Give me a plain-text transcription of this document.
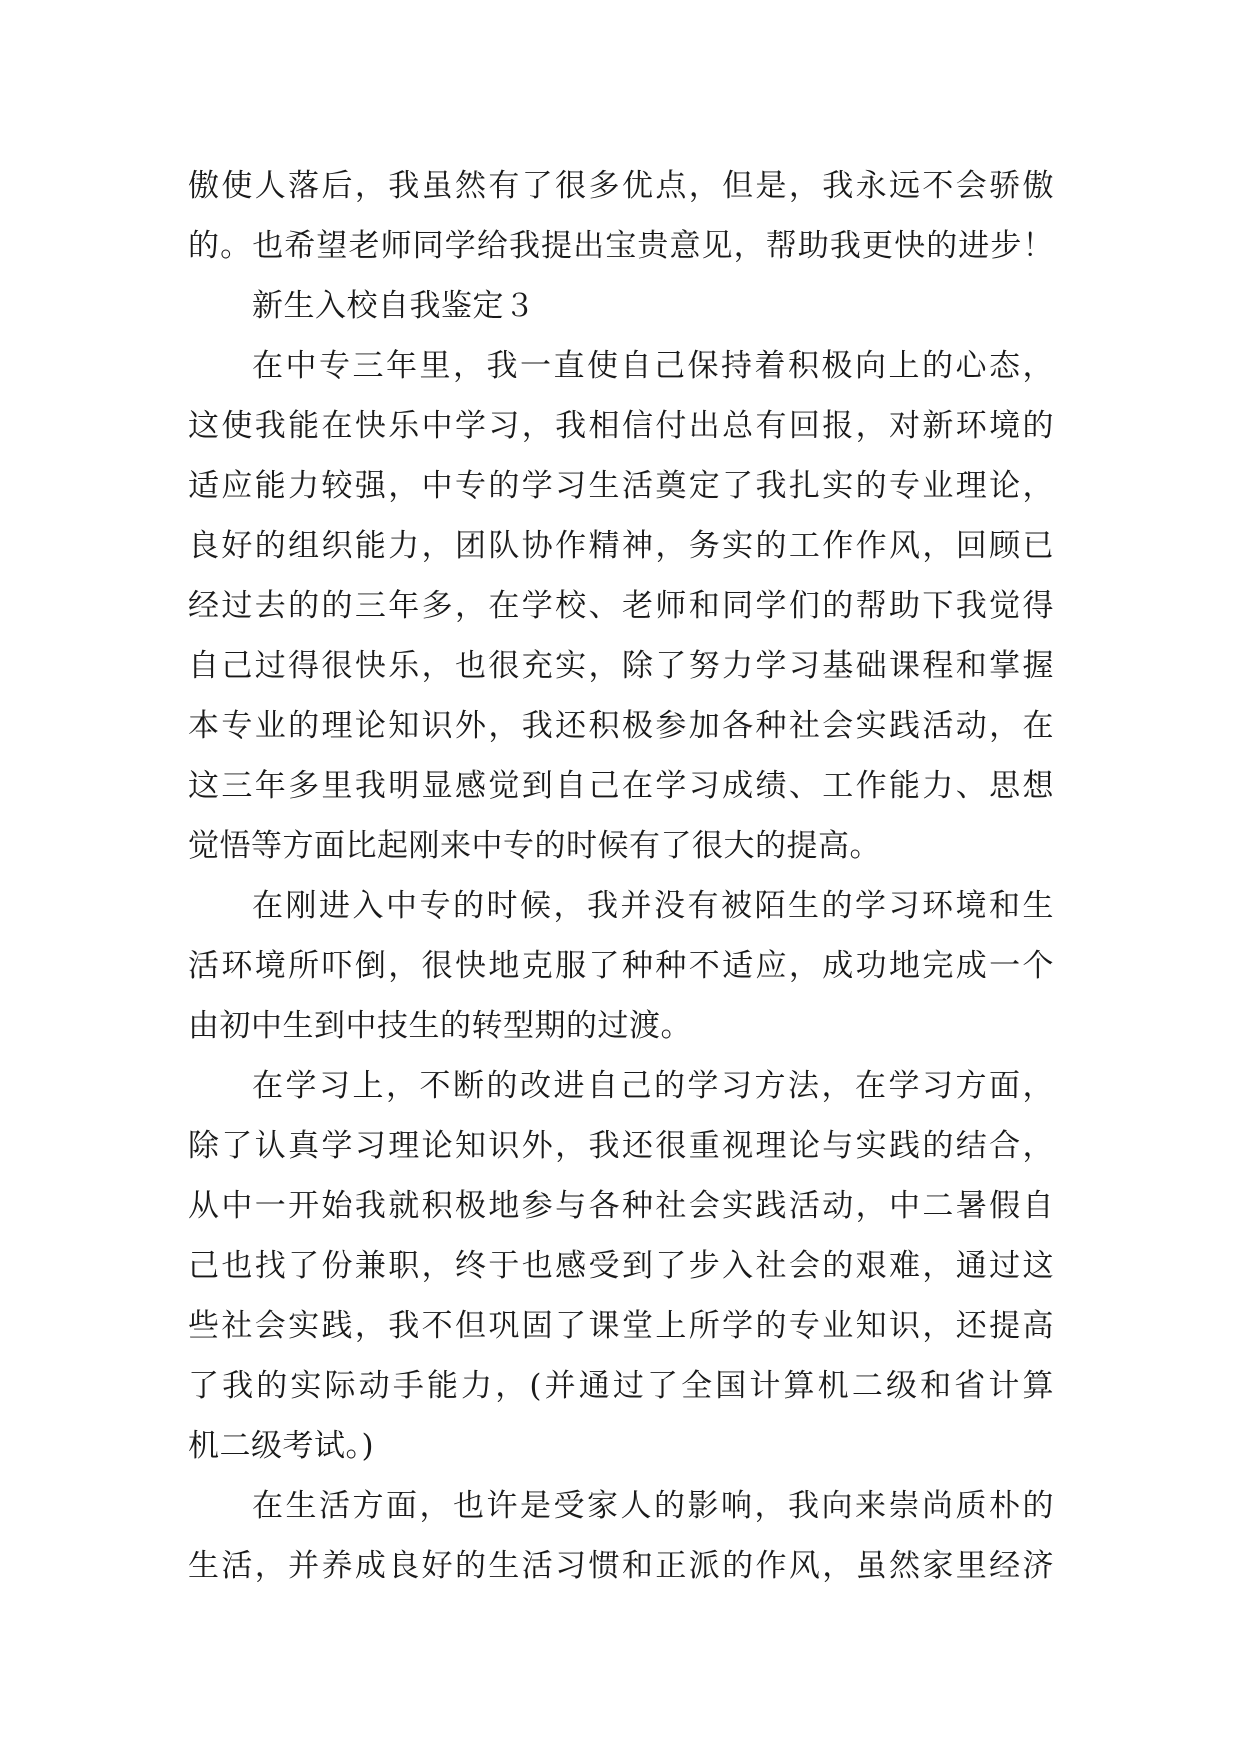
傲使人落后，我虽然有了很多优点，但是，我永远不会骄傲
的。也希望老师同学给我提出宝贵意见，帮助我更快的进步！
新生入校自我鉴定３
在中专三年里，我一直使自己保持着积极向上的心态，
这使我能在快乐中学习，我相信付出总有回报，对新环境的
适应能力较强，中专的学习生活奠定了我扎实的专业理论，
良好的组织能力，团队协作精神，务实的工作作风，回顾已
经过去的的三年多，在学校、老师和同学们的帮助下我觉得
自己过得很快乐，也很充实，除了努力学习基础课程和掌握
本专业的理论知识外，我还积极参加各种社会实践活动，在
这三年多里我明显感觉到自己在学习成绩、工作能力、思想
觉悟等方面比起刚来中专的时候有了很大的提高。
在刚进入中专的时候，我并没有被陌生的学习环境和生
活环境所吓倒，很快地克服了种种不适应，成功地完成一个
由初中生到中技生的转型期的过渡。
在学习上，不断的改进自己的学习方法，在学习方面，
除了认真学习理论知识外，我还很重视理论与实践的结合，
从中一开始我就积极地参与各种社会实践活动，中二暑假自
己也找了份兼职，终于也感受到了步入社会的艰难，通过这
些社会实践，我不但巩固了课堂上所学的专业知识，还提高
了我的实际动手能力，(并通过了全国计算机二级和省计算
机二级考试。)
在生活方面，也许是受家人的影响，我向来崇尚质朴的
生活，并养成良好的生活习惯和正派的作风，虽然家里经济
